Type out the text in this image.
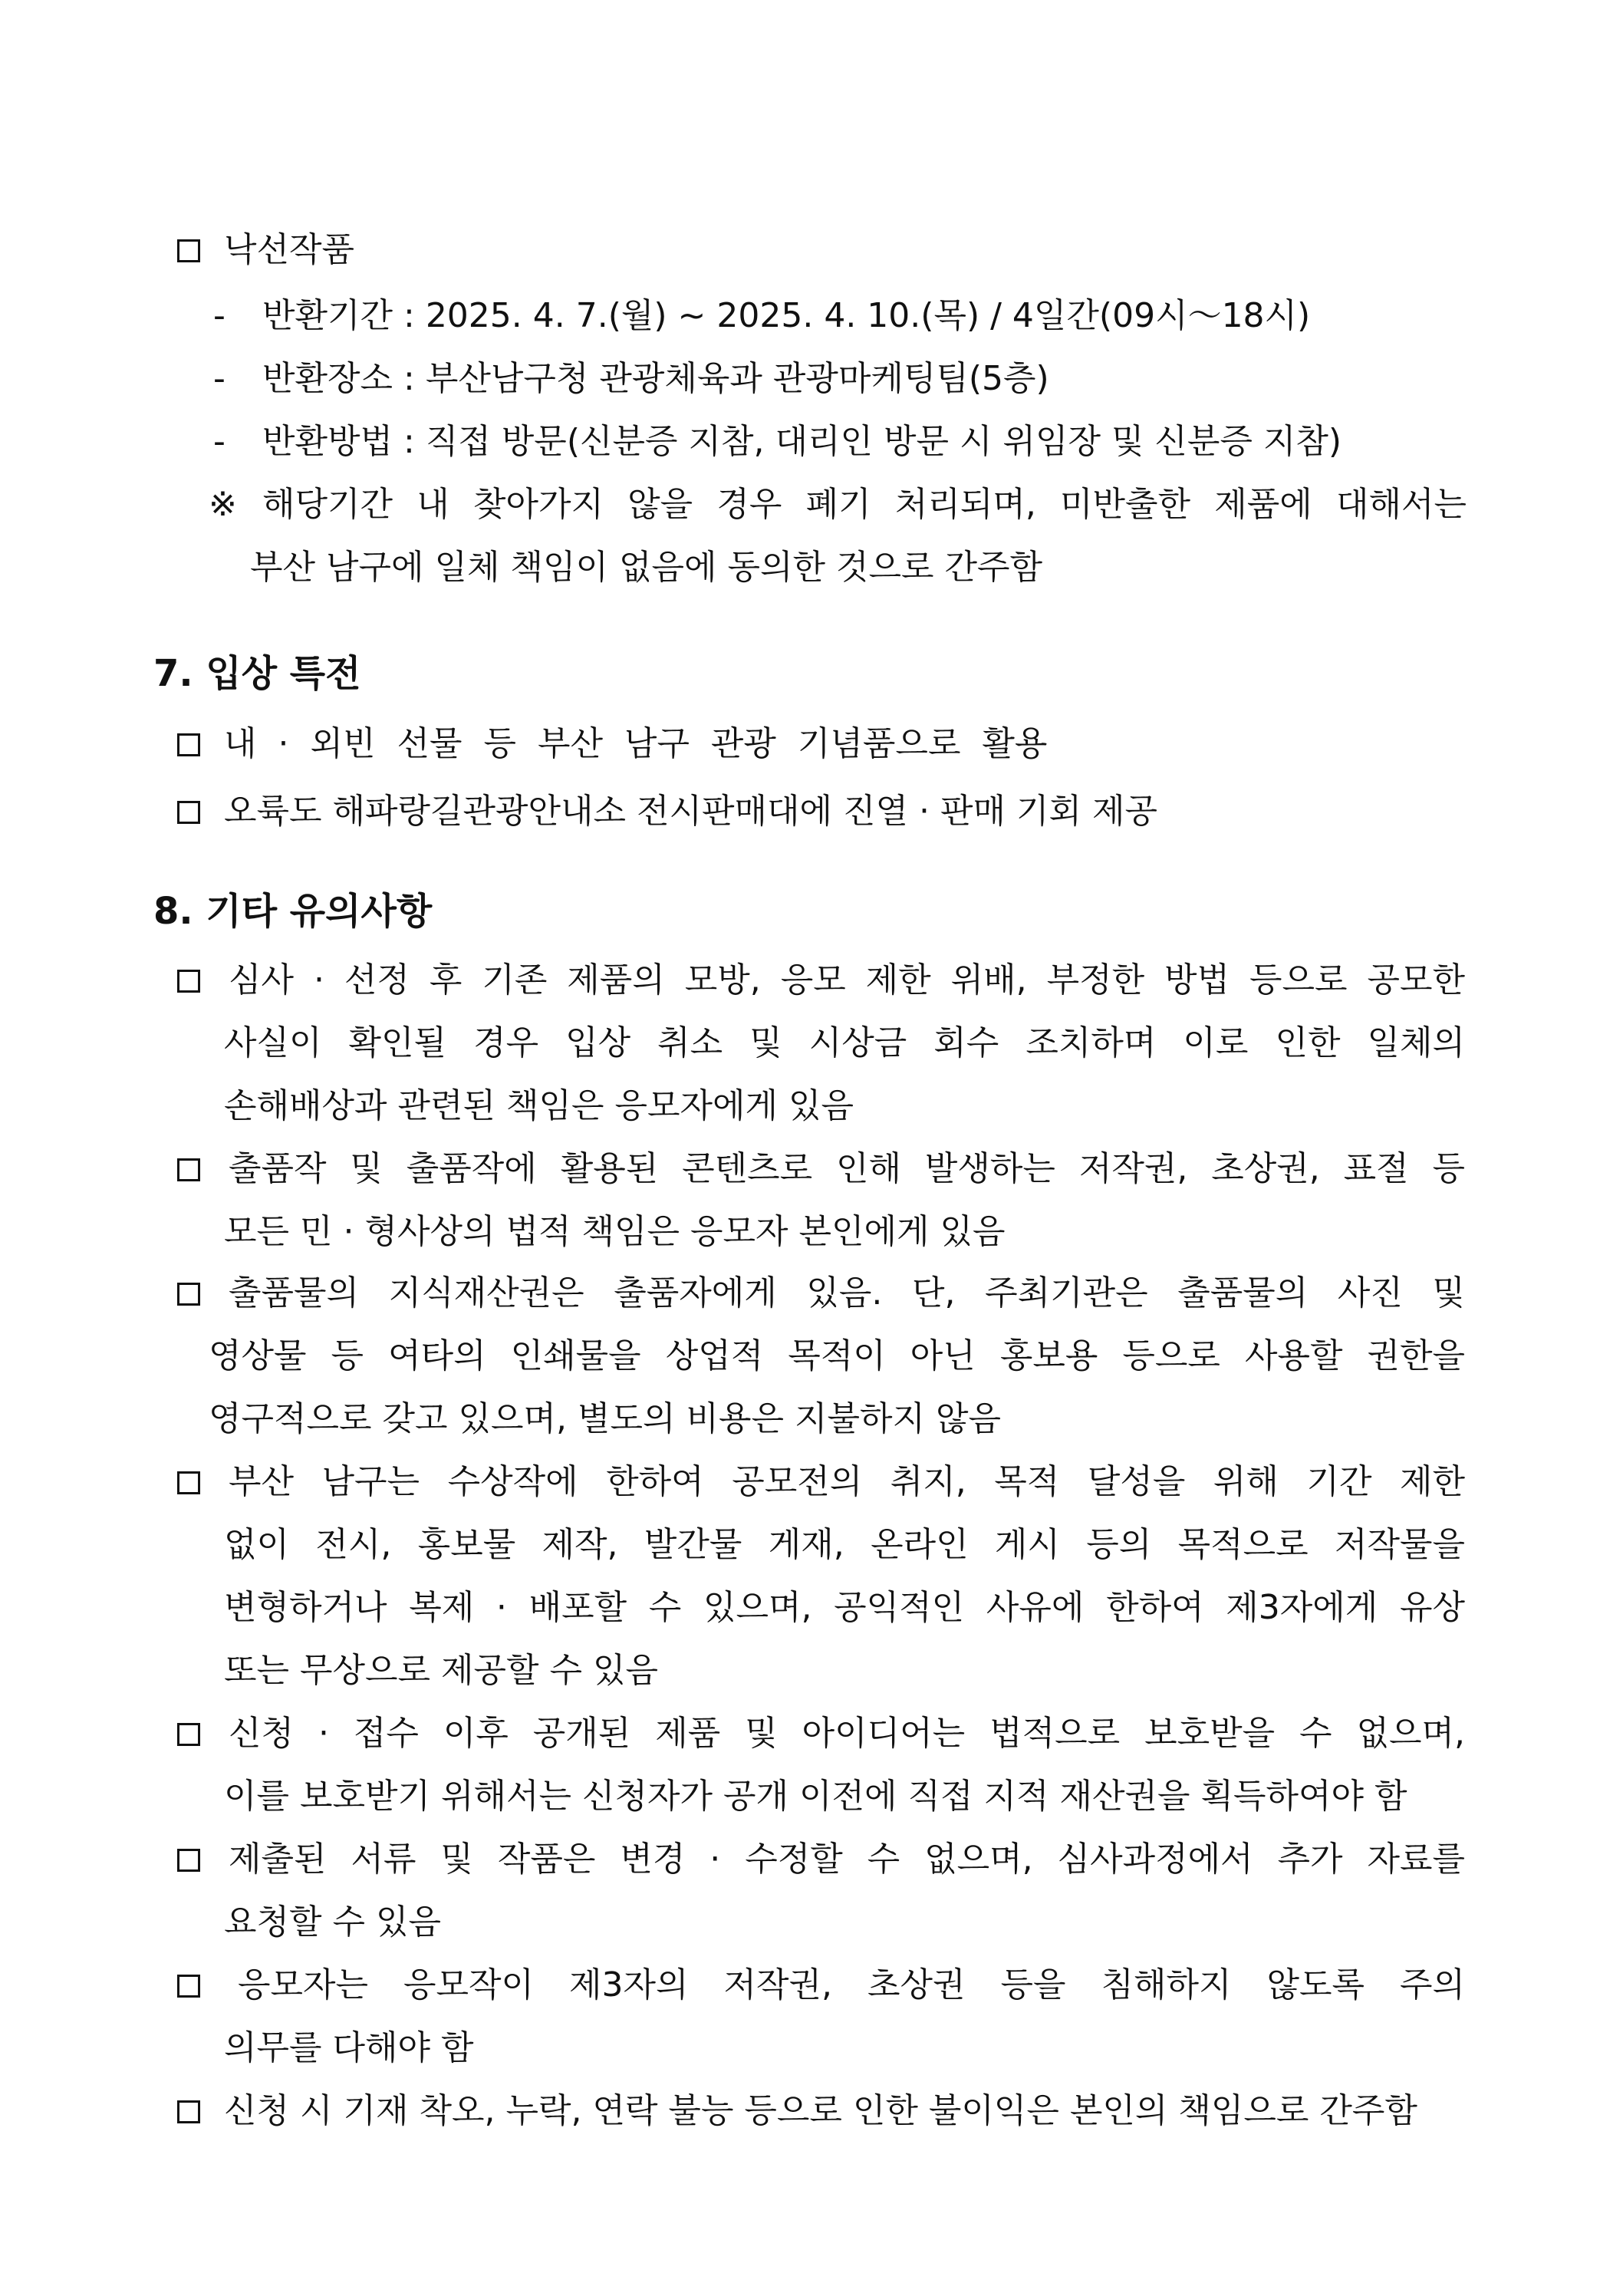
낙선작품

- 반환기간 : 2025. 4. 7.(월) ~ 2025. 4. 10.(목) / 4일간(09시～18시)

- 반환장소 : 부산남구청 관광체육과 관광마케팅팀(5층)

- 반환방법 : 직접 방문(신분증 지참, 대리인 방문 시 위임장 및 신분증 지참)

※ 해당기간 내 찾아가지 않을 경우 폐기 처리되며, 미반출한 제품에 대해서는

부산 남구에 일체 책임이 없음에 동의한 것으로 간주함

7. 입상 특전

내 · 외빈 선물 등 부산 남구 관광 기념품으로 활용

오륙도 해파랑길관광안내소 전시판매대에 진열 · 판매 기회 제공

8. 기타 유의사항

심사 · 선정 후 기존 제품의 모방, 응모 제한 위배, 부정한 방법 등으로 공모한

사실이 확인될 경우 입상 취소 및 시상금 회수 조치하며 이로 인한 일체의

손해배상과 관련된 책임은 응모자에게 있음

출품작 및 출품작에 활용된 콘텐츠로 인해 발생하는 저작권, 초상권, 표절 등

모든 민 · 형사상의 법적 책임은 응모자 본인에게 있음

출품물의 지식재산권은 출품자에게 있음. 단, 주최기관은 출품물의 사진 및

영상물 등 여타의 인쇄물을 상업적 목적이 아닌 홍보용 등으로 사용할 권한을

영구적으로 갖고 있으며, 별도의 비용은 지불하지 않음

부산 남구는 수상작에 한하여 공모전의 취지, 목적 달성을 위해 기간 제한

없이 전시, 홍보물 제작, 발간물 게재, 온라인 게시 등의 목적으로 저작물을

변형하거나 복제 · 배포할 수 있으며, 공익적인 사유에 한하여 제3자에게 유상

또는 무상으로 제공할 수 있음

신청 · 접수 이후 공개된 제품 및 아이디어는 법적으로 보호받을 수 없으며,

이를 보호받기 위해서는 신청자가 공개 이전에 직접 지적 재산권을 획득하여야 함

제출된 서류 및 작품은 변경 · 수정할 수 없으며, 심사과정에서 추가 자료를

요청할 수 있음

응모자는 응모작이 제3자의 저작권, 초상권 등을 침해하지 않도록 주의

의무를 다해야 함

신청 시 기재 착오, 누락, 연락 불능 등으로 인한 불이익은 본인의 책임으로 간주함
